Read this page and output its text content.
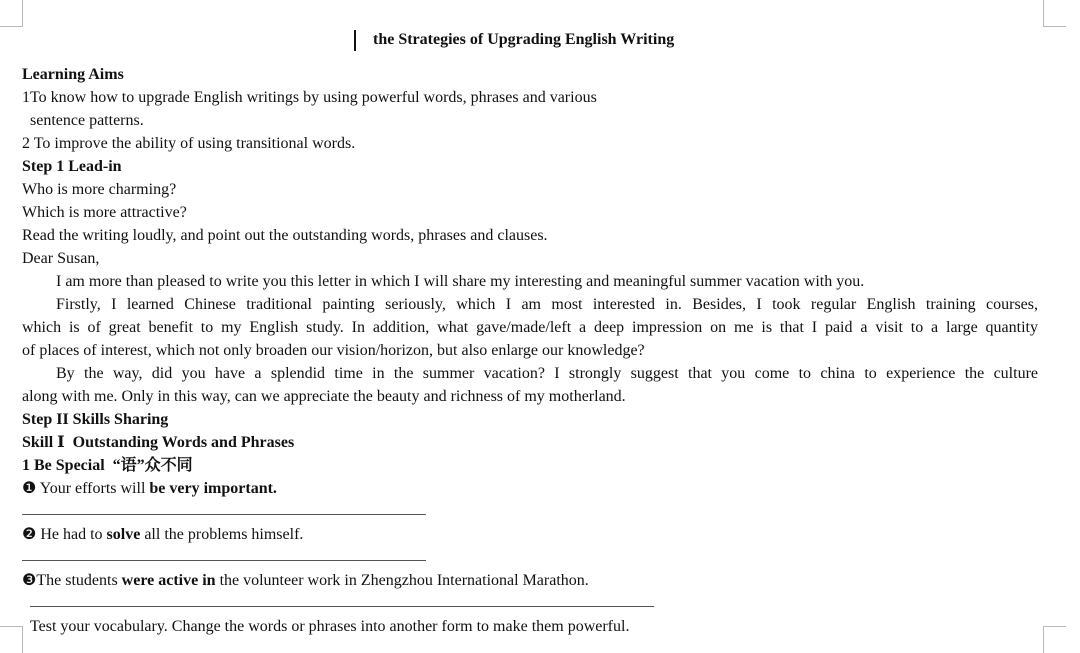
the Strategies of Upgrading English Writing
Learning Aims
1To know how to upgrade English writings by using powerful words, phrases and various
sentence patterns.
2 To improve the ability of using transitional words.
Step 1 Lead-in
Who is more charming?
Which is more attractive?
Read the writing loudly, and point out the outstanding words, phrases and clauses.
Dear Susan,
I am more than pleased to write you this letter in which I will share my interesting and meaningful summer vacation with you.
Firstly, I learned Chinese traditional painting seriously, which I am most interested in. Besides, I took regular English training courses,
which is of great benefit to my English study. In addition, what gave/made/left a deep impression on me is that I paid a visit to a large quantity
of places of interest, which not only broaden our vision/horizon, but also enlarge our knowledge?
By the way, did you have a splendid time in the summer vacation? I strongly suggest that you come to china to experience the culture
along with me. Only in this way, can we appreciate the beauty and richness of my motherland.
Step II Skills Sharing
Skill Ⅰ  Outstanding Words and Phrases
1 Be Special  “语”众不同
❶ Your efforts will be very important.
❷ He had to solve all the problems himself.
❸The students were active in the volunteer work in Zhengzhou International Marathon.
Test your vocabulary. Change the words or phrases into another form to make them powerful.
